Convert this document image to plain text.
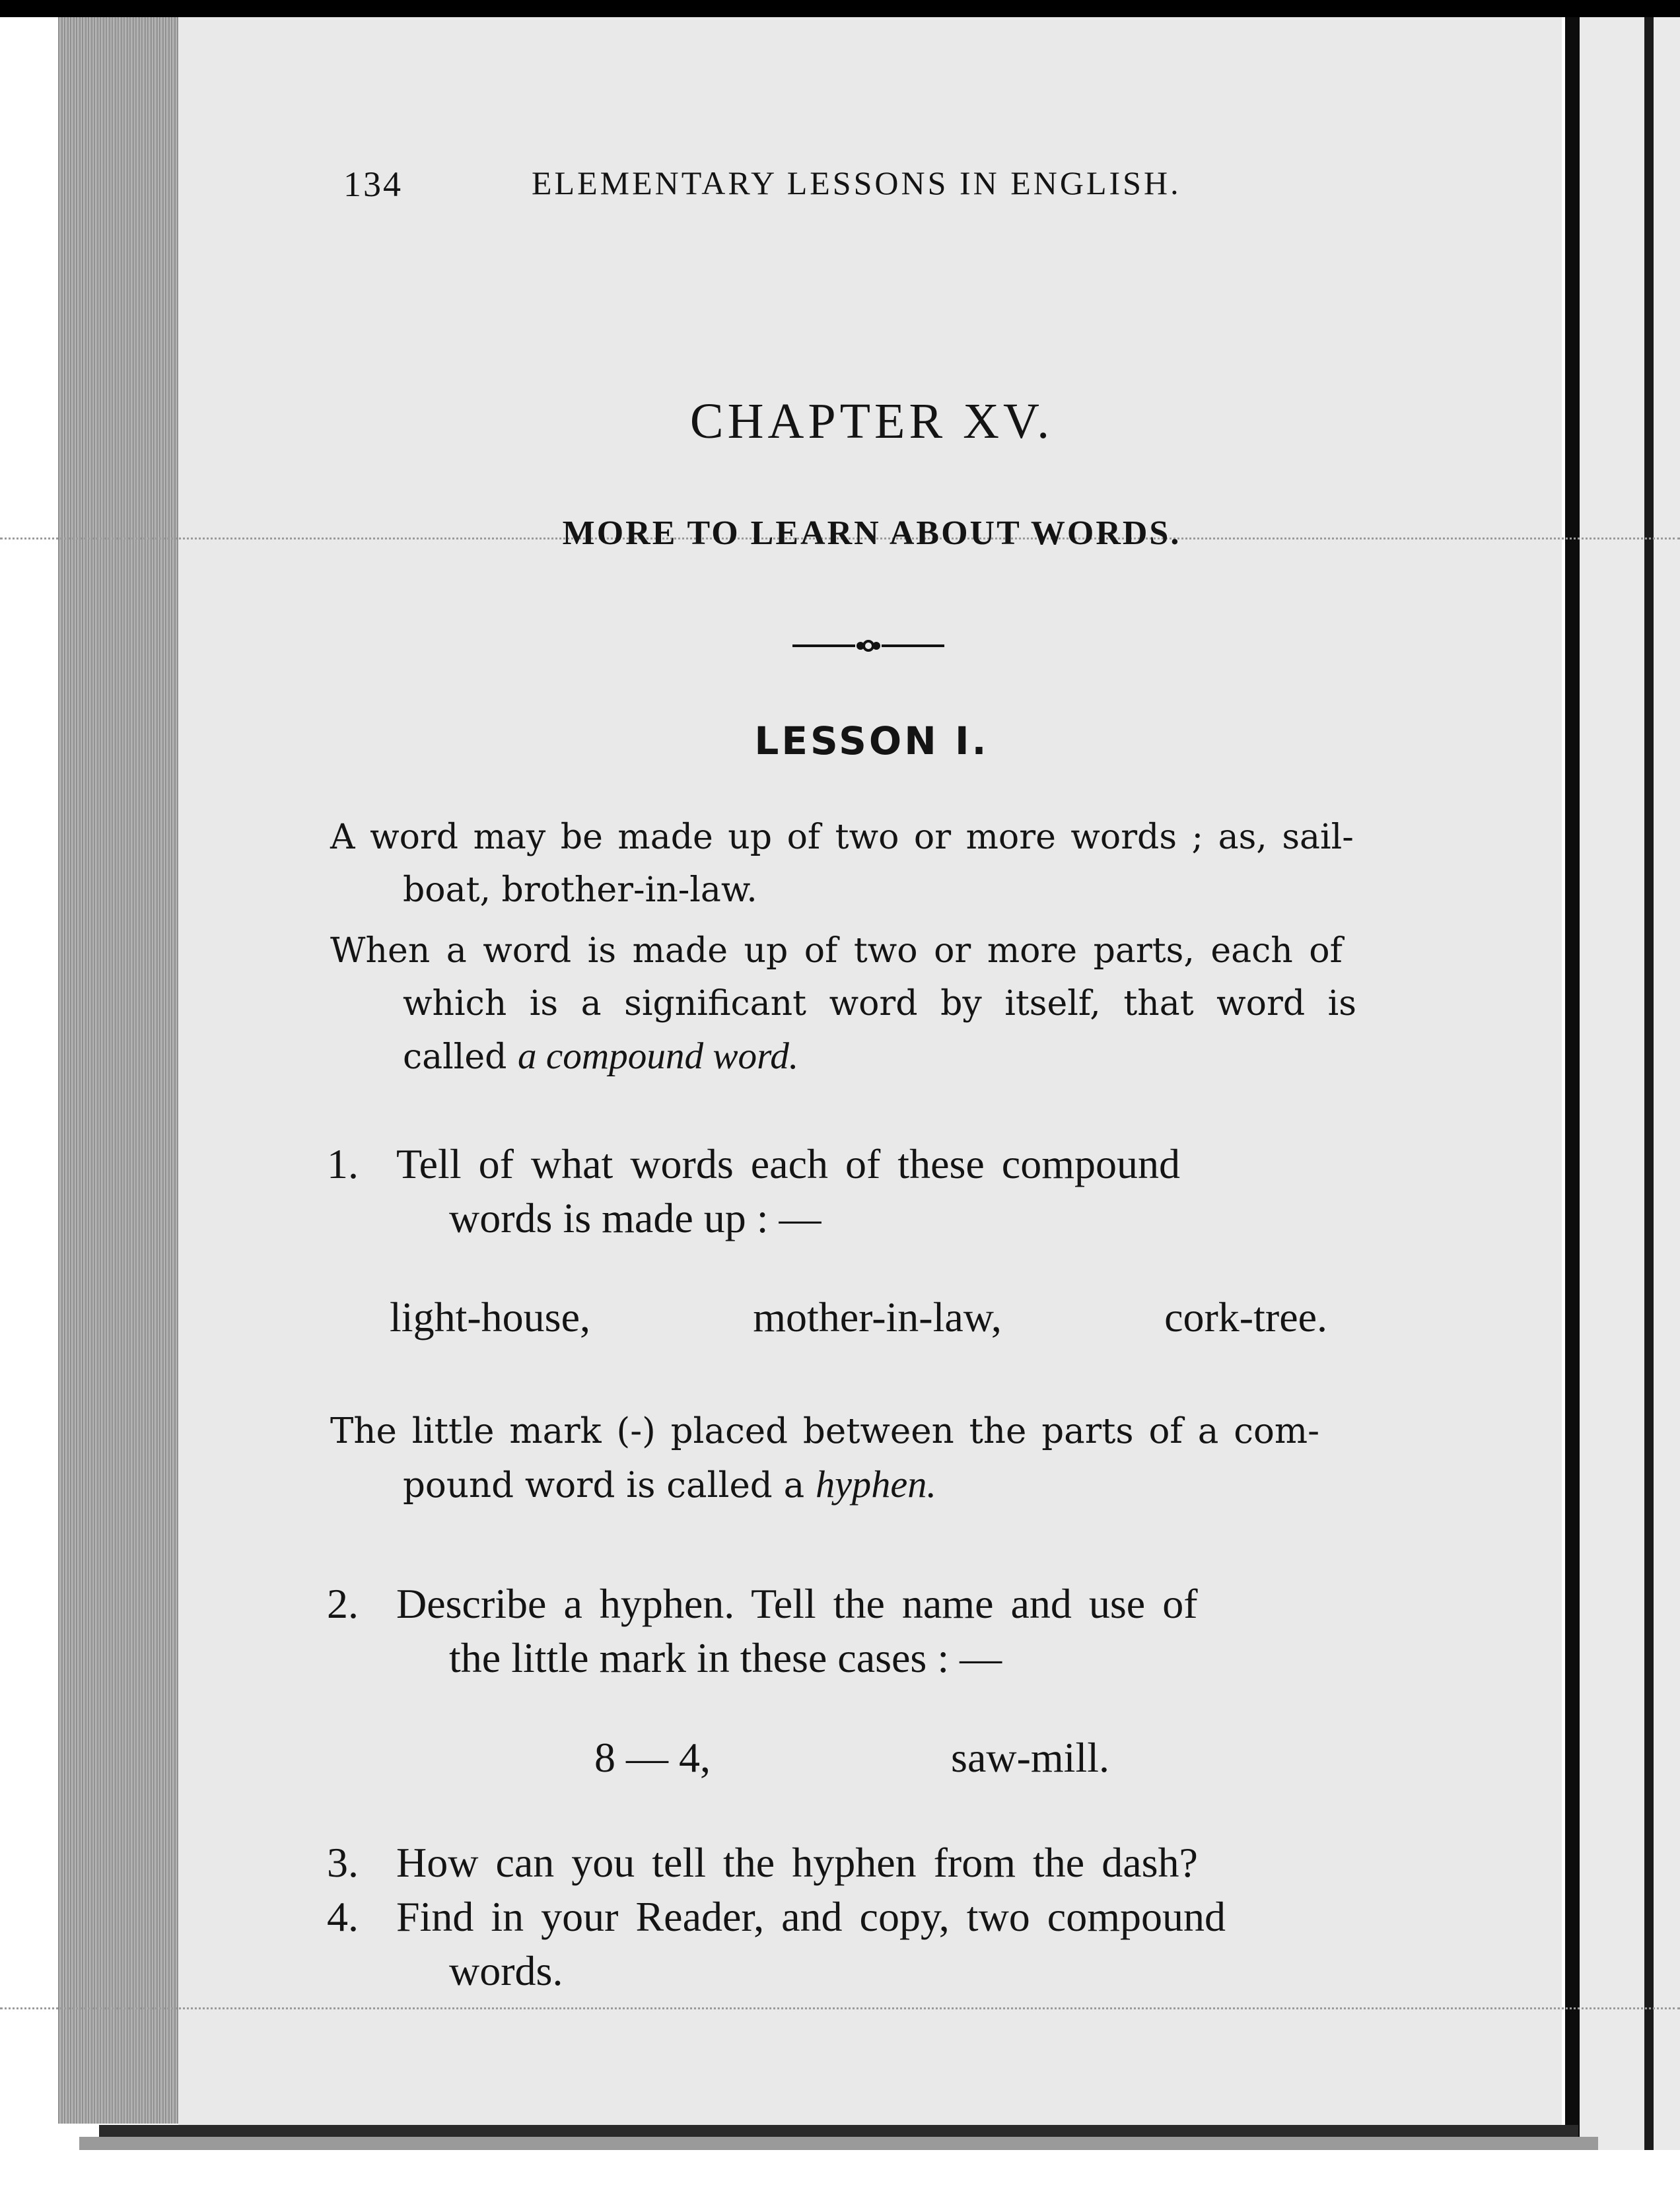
134	ELEMENTARY LESSONS IN ENGLISH.
CHAPTER XV.
MORE TO LEARN ABOUT WORDS.
LESSON I.
A word may be made up of two or more words ; as, sail-
boat, brother-in-law.
When a word is made up of two or more parts, each of
which is a significant word by itself, that word is
called a compound word.
1. Tell of what words each of these compound
words is made up : —
light-house,	mother-in-law,	cork-tree.
The little mark (-) placed between the parts of a com-
pound word is called a hyphen.
2. Describe a hyphen. Tell the name and use of
the little mark in these cases : —
8 — 4,	saw-mill.
3. How can you tell the hyphen from the dash?
4. Find in your Reader, and copy, two compound
words.
